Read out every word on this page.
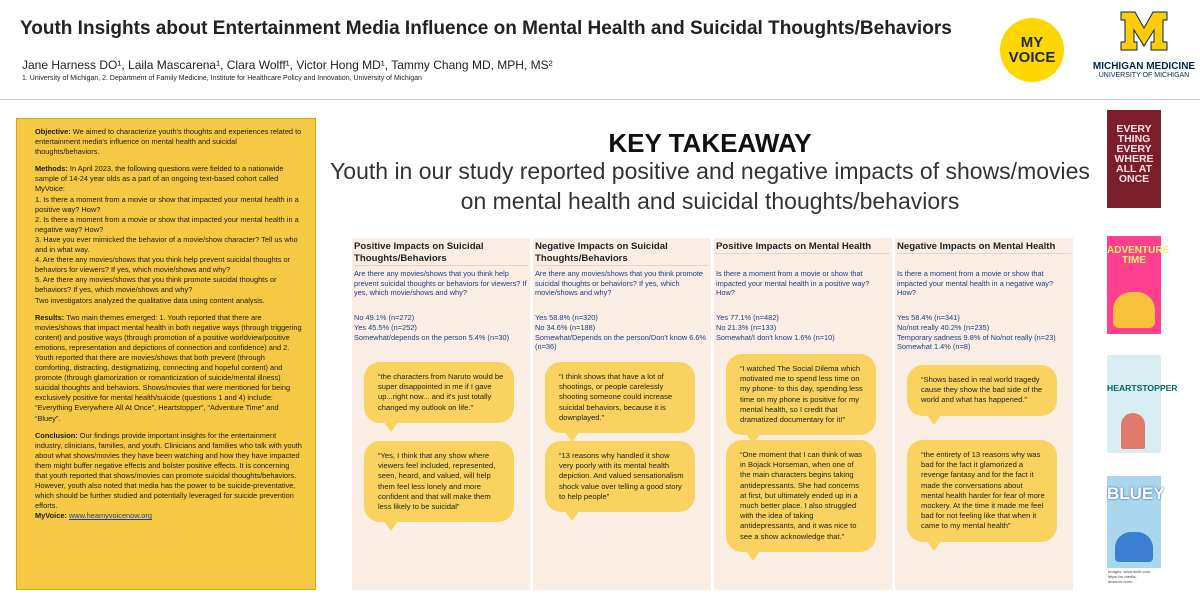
Youth Insights about Entertainment Media Influence on Mental Health and Suicidal Thoughts/Behaviors
Jane Harness DO¹, Laila Mascarena¹, Clara Wolff¹, Victor Hong MD¹, Tammy Chang MD, MPH, MS²
1. University of Michigan, 2. Department of Family Medicine, Institute for Healthcare Policy and Innovation, University of Michigan
MY
VOICE
MICHIGAN MEDICINE
UNIVERSITY OF MICHIGAN

Objective: We aimed to characterize youth's thoughts and experiences related to entertainment media's influence on mental health and suicidal thoughts/behaviors.

Methods: In April 2023, the following questions were fielded to a nationwide sample of 14-24 year olds as a part of an ongoing text-based cohort called MyVoice:
1. Is there a moment from a movie or show that impacted your mental health in a positive way? How?
2. Is there a moment from a movie or show that impacted your mental health in a negative way? How?
3. Have you ever mimicked the behavior of a movie/show character? Tell us who and in what way.
4. Are there any movies/shows that you think help prevent suicidal thoughts or behaviors for viewers? If yes, which movie/shows and why?
5. Are there any movies/shows that you think promote suicidal thoughts or behaviors? If yes, which movie/shows and why?
Two investigators analyzed the qualitative data using content analysis.

Results: Two main themes emerged: 1. Youth reported that there are movies/shows that impact mental health in both negative ways (through triggering content) and positive ways (through promotion of a positive worldview/positive emotions, representation and depictions of connection and confidence) and 2. Youth reported that there are movies/shows that both prevent (through comforting, distracting, destigmatizing, connecting and hopeful content) and promote (through glamorization or romanticization of suicide/mental illness) suicidal thoughts and behaviors. Shows/movies that were mentioned for being exclusively positive for mental health/suicide (questions 1 and 4) include: “Everything Everywhere All At Once”, Heartstopper”, “Adventure Time” and “Bluey”.

Conclusion: Our findings provide important insights for the entertainment industry, clinicians, families, and youth. Clinicians and families who talk with youth about what shows/movies they have been watching and how they have impacted them might buffer negative effects and bolster positive effects. It is concerning that youth reported that shows/movies can promote suicidal thoughts/behaviors. However, youth also noted that media has the power to be suicide-preventative, which should be further studied and potentially leveraged for suicide prevention efforts.
MyVoice: www.heamyvoicenow.org

KEY TAKEAWAY
Youth in our study reported positive and negative impacts of shows/movies on mental health and suicidal thoughts/behaviors
Positive Impacts on Suicidal Thoughts/Behaviors
Are there any movies/shows that you think help prevent suicidal thoughts or behaviors for viewers? If yes, which movie/shows and why?
No 49.1% (n=272)
Yes 45.5% (n=252)
Somewhat/depends on the person 5.4% (n=30)
“the characters from Naruto would be super disappointed in me if I gave up...right now... and it's just totally changed my outlook on life.”
“Yes, I think that any show where viewers feel included, represented, seen, heard, and valued, will help them feel less lonely and more confident and that will make them less likely to be suicidal”
Negative Impacts on Suicidal Thoughts/Behaviors
Are there any movies/shows that you think promote suicidal thoughts or behaviors? If yes, which movie/shows and why?
Yes 58.8% (n=320)
No 34.6% (n=188)
Somewhat/Depends on the person/Don't know 6.6% (n=36)
“I think shows that have a lot of shootings, or people carelessly shooting someone could increase suicidal behaviors, because it is downplayed.”
“13 reasons why handled it show very poorly with its mental health depiction. And valued sensationalism shock value over telling a good story to help people”
Positive Impacts on Mental Health
Is there a moment from a movie or show that impacted your mental health in a positive way? How?
Yes 77.1% (n=482)
No 21.3% (n=133)
Somewhat/I don't know 1.6% (n=10)
“I watched The Social Dilema which motivated me to spend less time on my phone- to this day, spending less time on my phone is positive for my mental health, so I credit that dramatized documentary for it!”
“One moment that I can think of was in Bojack Horseman, when one of the main characters begins taking antidepressants. She had concerns at first, but ultimately ended up in a much better place. I also struggled with the idea of taking antidepressants, and it was nice to see a show acknowledge that.”
Negative Impacts on Mental Health
Is there a moment from a movie or show that impacted your mental health in a negative way? How?
Yes 58.4% (n=341)
No/not really 40.2% (n=235)
Temporary sadness 9.8% of No/not really (n=23)
Somewhat 1.4% (n=8)
“Shows based in real world tragedy cause they show the bad side of the world and what has happened.”
“the entirety of 13 reasons why was bad for the fact it glamorized a revenge fantasy and for the fact it made the conversations about mental health harder for fear of more mockery. At the time it made me feel bad for not feeling like that when it came to my mental health”
EVERY THING EVERY WHERE ALL AT ONCE
ADVENTURE TIME
HEARTSTOPPER
BLUEY
Images: www.imdb.com; https://m.media-amazon.com/...
